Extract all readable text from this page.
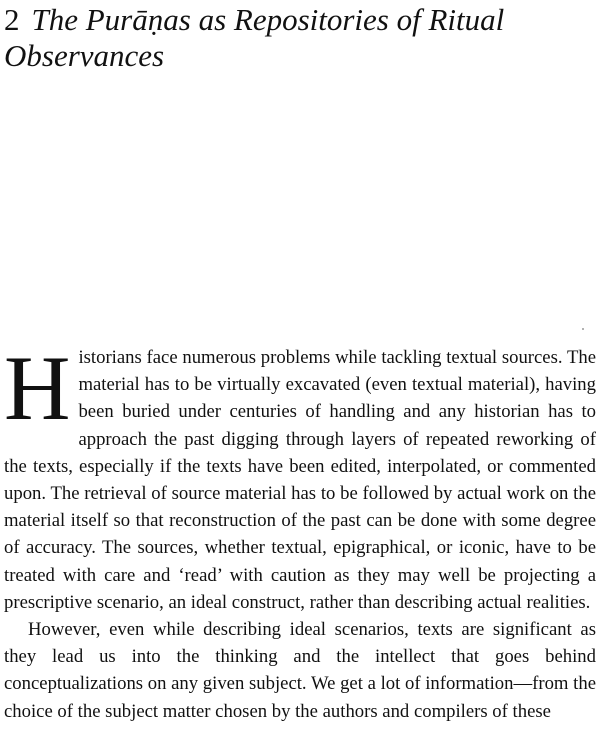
2 The Purāṇas as Repositories of Ritual Observances

Historians face numerous problems while tackling textual sources. The material has to be virtually excavated (even textual material), having been buried under centuries of handling and any historian has to approach the past digging through layers of repeated reworking of the texts, especially if the texts have been edited, interpolated, or commented upon. The retrieval of source material has to be followed by actual work on the material itself so that reconstruction of the past can be done with some degree of accuracy. The sources, whether textual, epigraphical, or iconic, have to be treated with care and ‘read’ with caution as they may well be projecting a prescriptive scenario, an ideal construct, rather than describing actual realities.

However, even while describing ideal scenarios, texts are significant as they lead us into the thinking and the intellect that goes behind conceptualizations on any given subject. We get a lot of information—from the choice of the subject matter chosen by the authors and compilers of these
